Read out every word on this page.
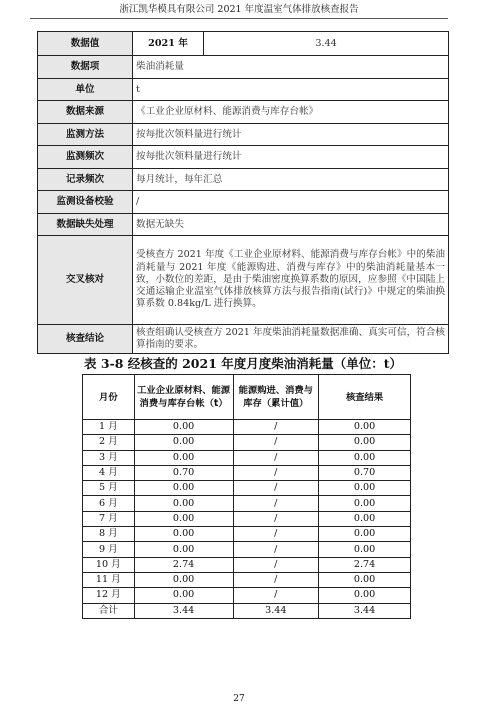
浙江凯华模具有限公司 2021 年度温室气体排放核查报告
数据值	2021 年	3.44
数据项	柴油消耗量	
单位	t	
数据来源	《工业企业原材料、能源消费与库存台帐》	
监测方法	按每批次领料量进行统计	
监测频次	按每批次领料量进行统计	
记录频次	每月统计，每年汇总	
监测设备校验	/	
数据缺失处理	数据无缺失	
交叉核对	受核查方 2021 年度《工业企业原材料、能源消费与库存台帐》中的柴油消耗量与 2021 年度《能源购进、消费与库存》中的柴油消耗量基本一致，小数位的差距，是由于柴油密度换算系数的原因，应参照《中国陆上交通运输企业温室气体排放核算方法与报告指南(试行)》中规定的柴油换算系数 0.84kg/L 进行换算。	
核查结论	核查组确认受核查方 2021 年度柴油消耗量数据准确、真实可信，符合核算指南的要求。	
表 3-8 经核查的 2021 年度月度柴油消耗量（单位：t）
月份	工业企业原材料、能源消费与库存台帐（t）	能源购进、消费与库存（累计值）	核查结果
1 月	0.00	/	0.00
2 月	0.00	/	0.00
3 月	0.00	/	0.00
4 月	0.70	/	0.70
5 月	0.00	/	0.00
6 月	0.00	/	0.00
7 月	0.00	/	0.00
8 月	0.00	/	0.00
9 月	0.00	/	0.00
10 月	2.74	/	2.74
11 月	0.00	/	0.00
12 月	0.00	/	0.00
合计	3.44	3.44	3.44
27
